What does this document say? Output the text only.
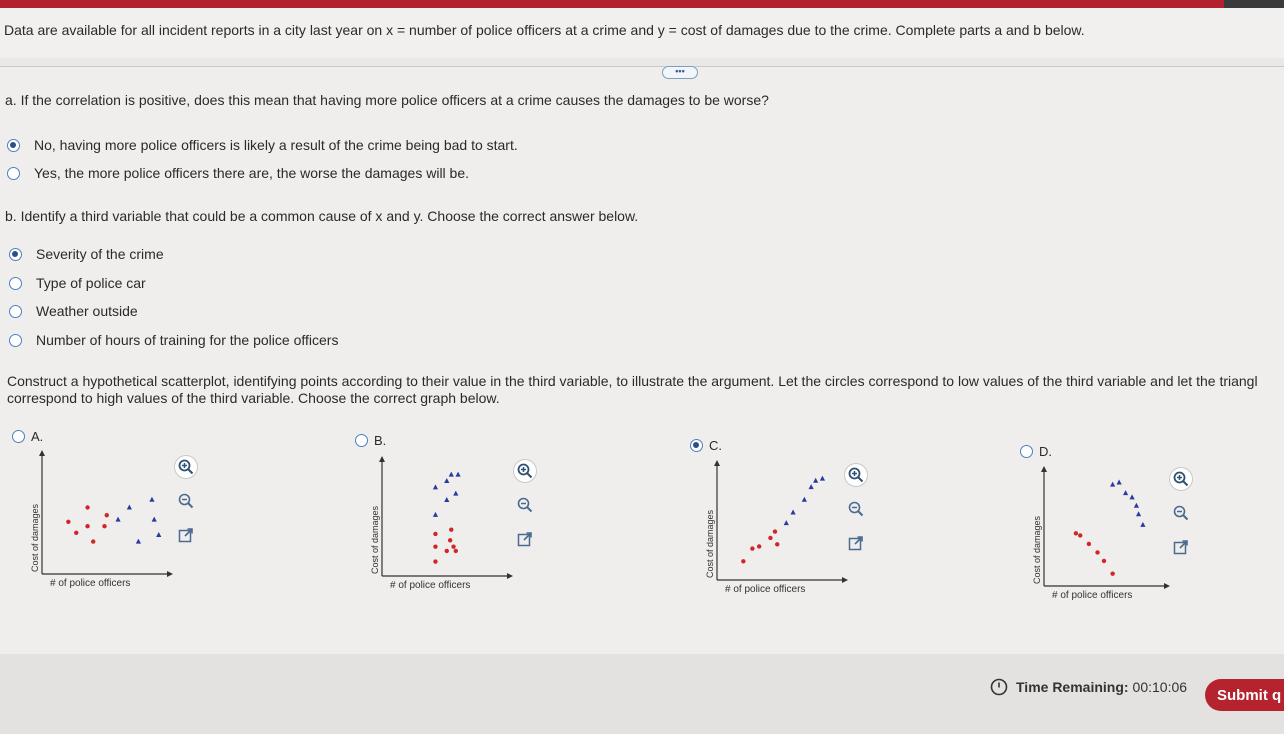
Data are available for all incident reports in a city last year on x = number of police officers at a crime and y = cost of damages due to the crime. Complete parts a and b below.
•••
a. If the correlation is positive, does this mean that having more police officers at a crime causes the damages to be worse?
No, having more police officers is likely a result of the crime being bad to start.
Yes, the more police officers there are, the worse the damages will be.
b. Identify a third variable that could be a common cause of x and y. Choose the correct answer below.
Severity of the crime
Type of police car
Weather outside
Number of hours of training for the police officers
Construct a hypothetical scatterplot, identifying points according to their value in the third variable, to illustrate the argument. Let the circles correspond to low values of the third variable and let the triangl
correspond to high values of the third variable. Choose the correct graph below.
A.	B.	C.	D.
# of police officers
Cost of damages
# of police officers
Cost of damages
# of police officers
Cost of damages
# of police officers
Cost of damages
Time Remaining: 00:10:06	Submit q
